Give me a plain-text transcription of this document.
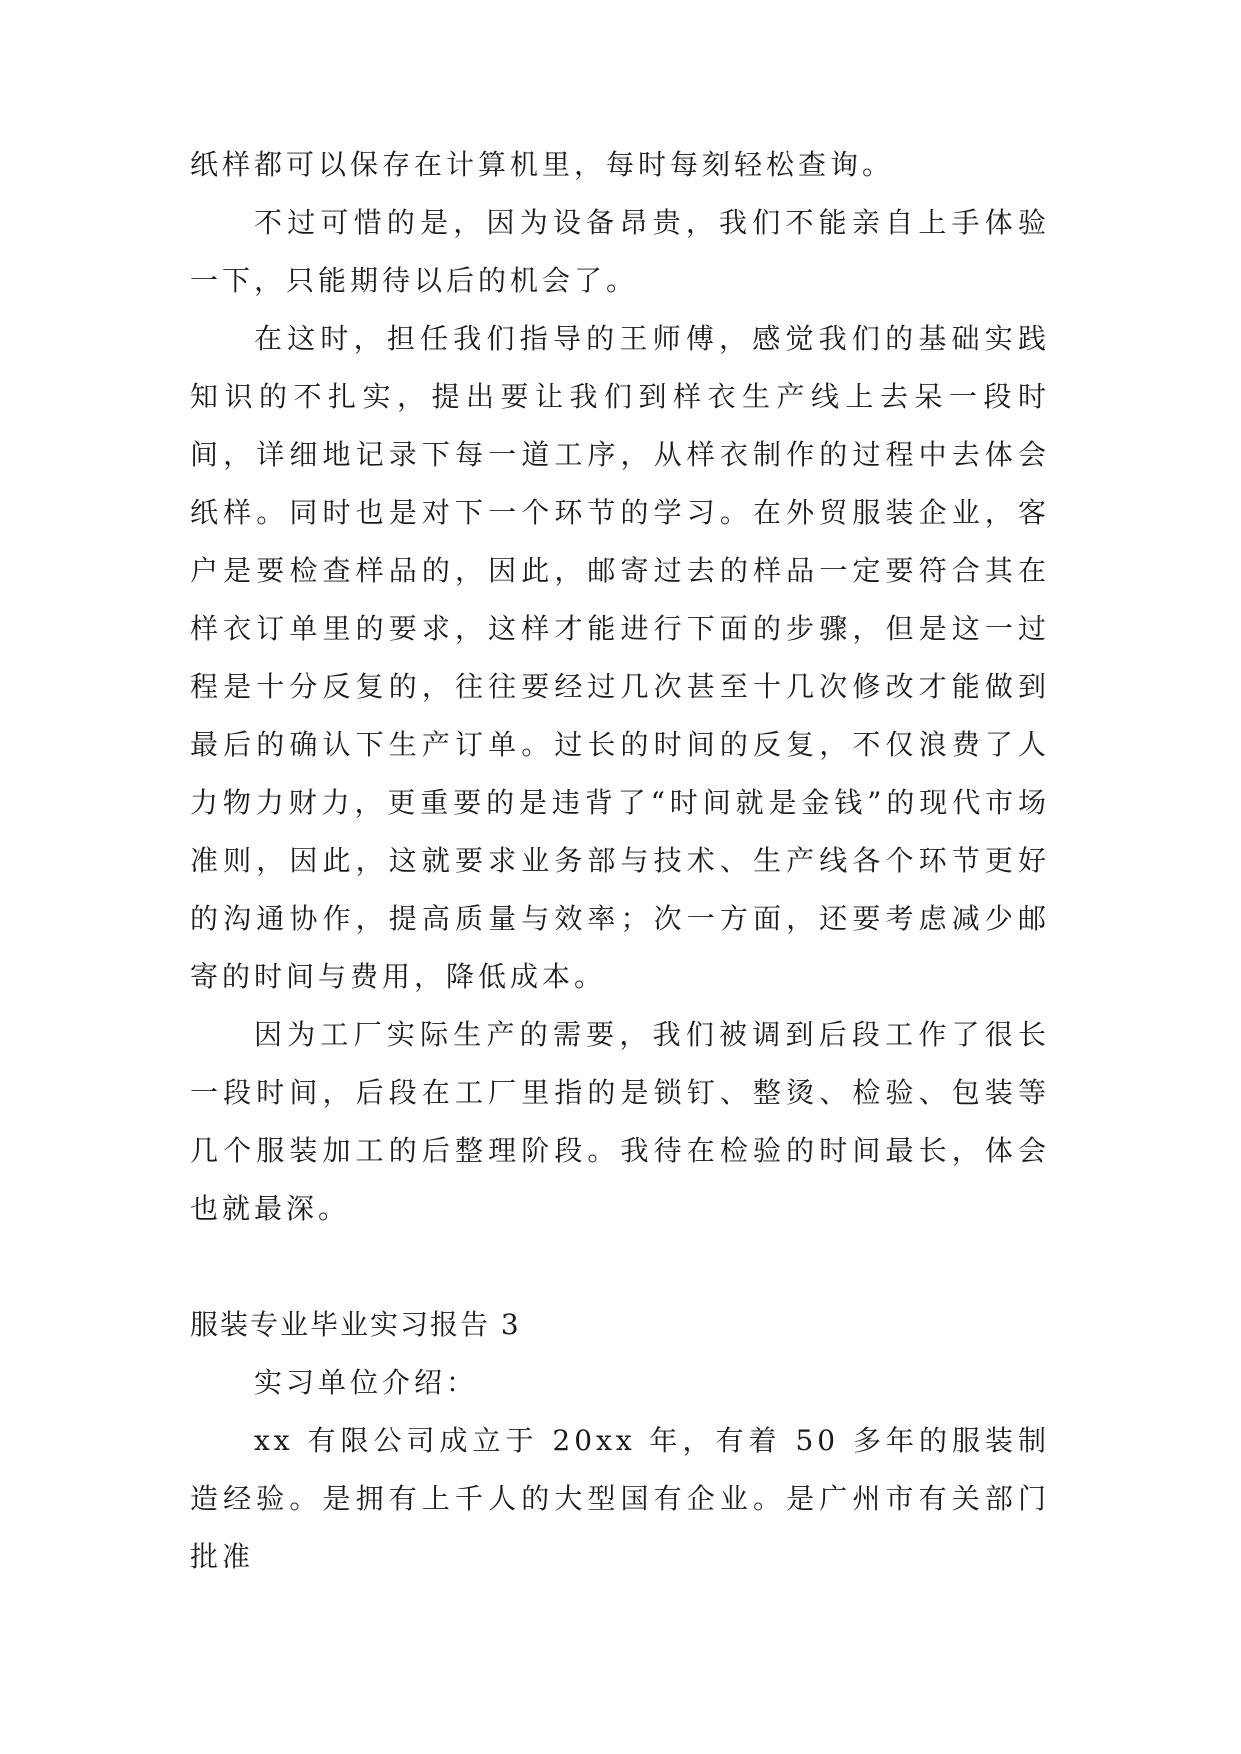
纸样都可以保存在计算机里，每时每刻轻松查询。

不过可惜的是，因为设备昂贵，我们不能亲自上手体验一下，只能期待以后的机会了。

在这时，担任我们指导的王师傅，感觉我们的基础实践知识的不扎实，提出要让我们到样衣生产线上去呆一段时间，详细地记录下每一道工序，从样衣制作的过程中去体会纸样。同时也是对下一个环节的学习。在外贸服装企业，客户是要检查样品的，因此，邮寄过去的样品一定要符合其在样衣订单里的要求，这样才能进行下面的步骤，但是这一过程是十分反复的，往往要经过几次甚至十几次修改才能做到最后的确认下生产订单。过长的时间的反复，不仅浪费了人力物力财力，更重要的是违背了“时间就是金钱”的现代市场准则，因此，这就要求业务部与技术、生产线各个环节更好的沟通协作，提高质量与效率；次一方面，还要考虑减少邮寄的时间与费用，降低成本。

因为工厂实际生产的需要，我们被调到后段工作了很长一段时间，后段在工厂里指的是锁钉、整烫、检验、包装等几个服装加工的后整理阶段。我待在检验的时间最长，体会也就最深。

服装专业毕业实习报告 3

实习单位介绍：

xx 有限公司成立于 20xx 年，有着 50 多年的服装制造经验。是拥有上千人的大型国有企业。是广州市有关部门批准
